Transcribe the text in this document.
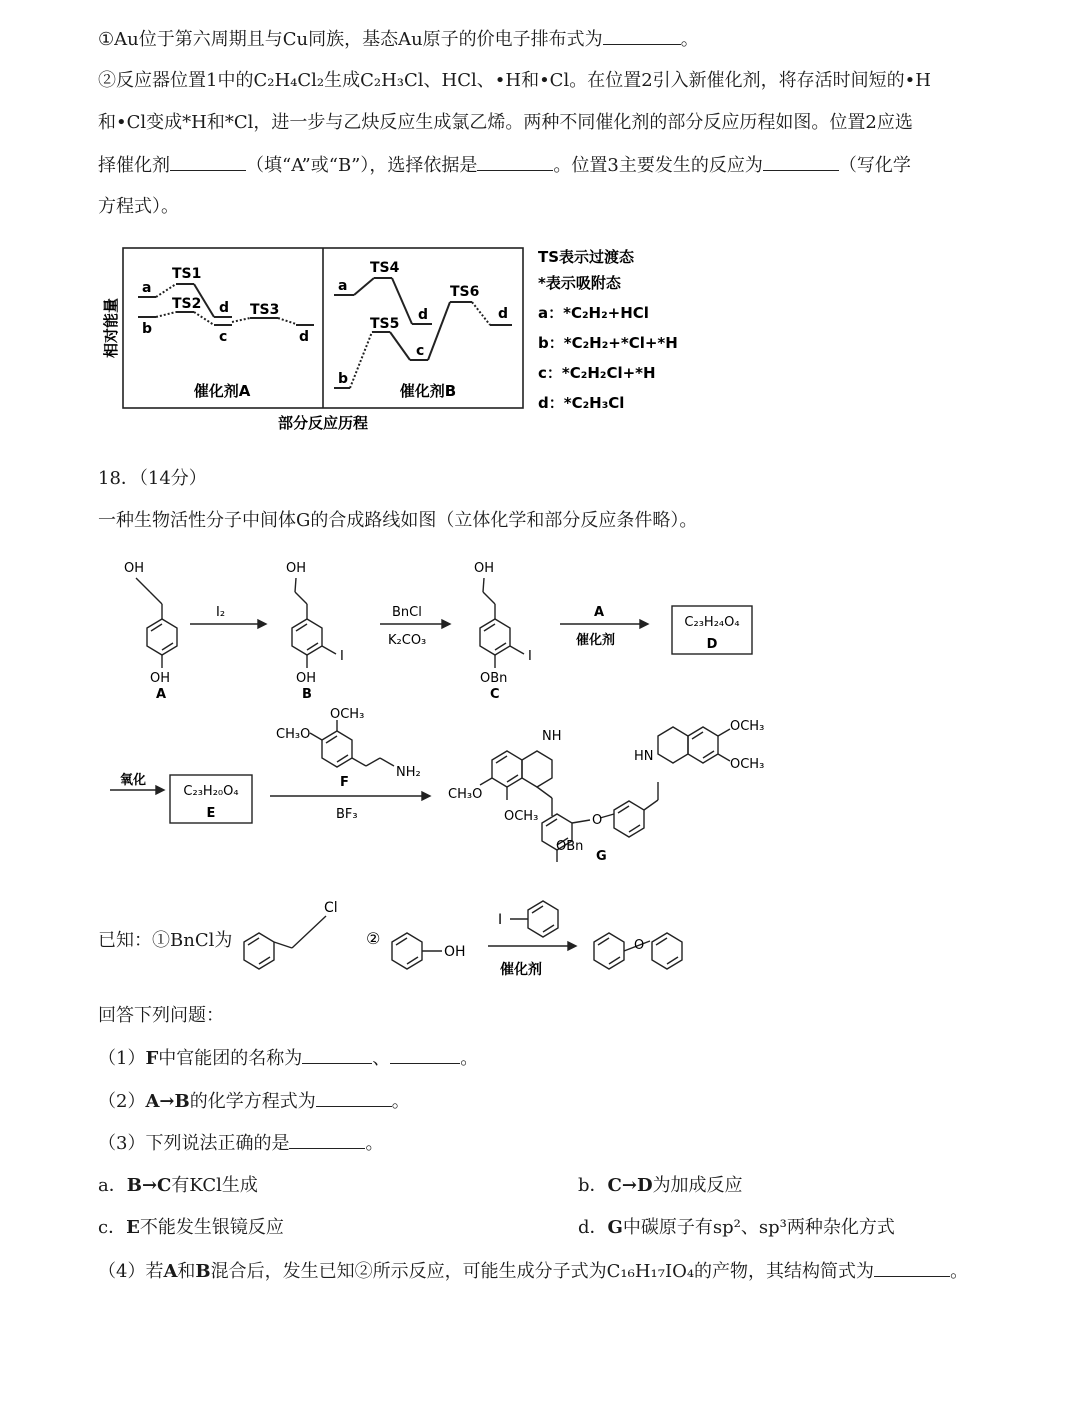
①Au位于第六周期且与Cu同族，基态Au原子的价电子排布式为	。
②反应器位置1中的C₂H₄Cl₂生成C₂H₃Cl、HCl、•H和•Cl。在位置2引入新催化剂，将存活时间短的•H
和•Cl变成*H和*Cl，进一步与乙炔反应生成氯乙烯。两种不同催化剂的部分反应历程如图。位置2应选
择催化剂	（填“A”或“B”），选择依据是	。位置3主要发生的反应为	（写化学
方程式）。
相对能量
催化剂A	催化剂B
部分反应历程
a
b
TS1
TS2 d
c
TS3
d
a
b
TS4
TS5
d
c
TS6
d
TS表示过渡态
*表示吸附态
a：*C₂H₂+HCl
b：*C₂H₂+*Cl+*H
c：*C₂H₂Cl+*H
d：*C₂H₃Cl
18．（14分）
一种生物活性分子中间体G的合成路线如图（立体化学和部分反应条件略）。
OH
OH
A
I₂
OH
I
OH
B
BnCl
K₂CO₃
OH
I
OBn
C
A
催化剂
C₂₃H₂₄O₄
D
氧化
C₂₃H₂₀O₄
E
OCH₃
CH₃O
NH₂
F
BF₃
NH
CH₃O
OCH₃	O
OBn
G
HN
OCH₃
OCH₃
已知：①BnCl为
Cl
②
OH
I
催化剂
O
回答下列问题：
（1）F中官能团的名称为	、	。
（2）A→B的化学方程式为	。
（3）下列说法正确的是	。
a．B→C有KCl生成	b．C→D为加成反应
c．E不能发生银镜反应	d．G中碳原子有sp²、sp³两种杂化方式
（4）若A和B混合后，发生已知②所示反应，可能生成分子式为C₁₆H₁₇IO₄的产物，其结构简式为	。
